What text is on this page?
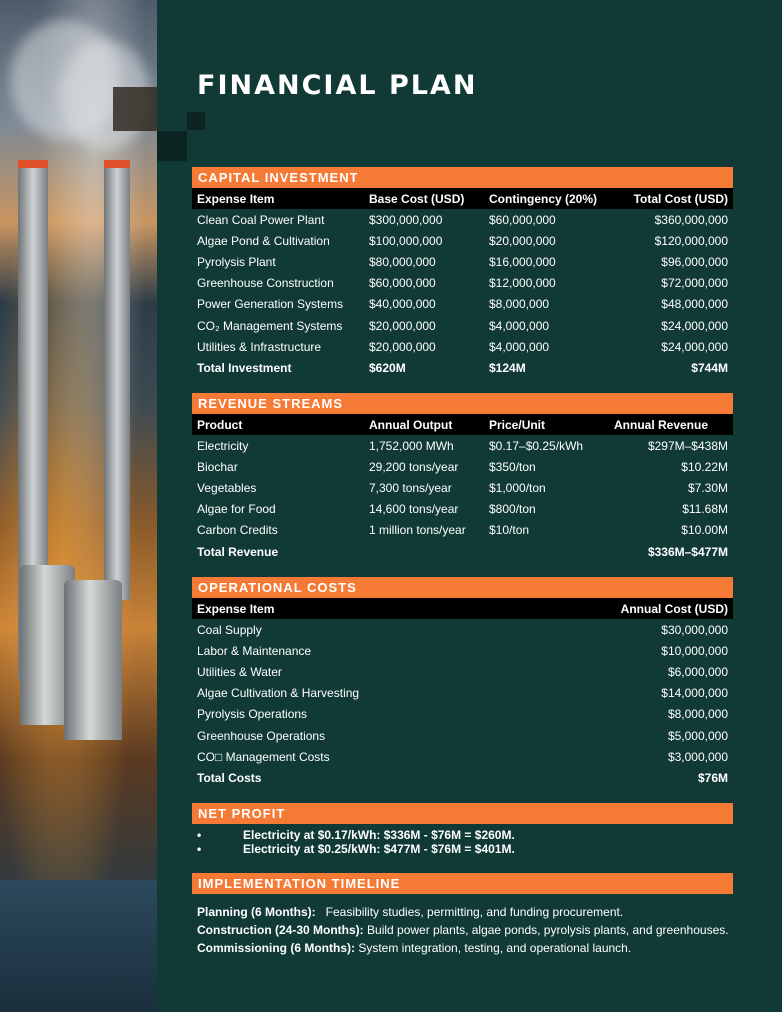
FINANCIAL PLAN
CAPITAL INVESTMENT
Expense Item	Base Cost (USD)	Contingency (20%)	Total Cost (USD)
Clean Coal Power Plant	$300,000,000	$60,000,000	$360,000,000
Algae Pond & Cultivation	$100,000,000	$20,000,000	$120,000,000
Pyrolysis Plant	$80,000,000	$16,000,000	$96,000,000
Greenhouse Construction	$60,000,000	$12,000,000	$72,000,000
Power Generation Systems	$40,000,000	$8,000,000	$48,000,000
CO₂ Management Systems	$20,000,000	$4,000,000	$24,000,000
Utilities & Infrastructure	$20,000,000	$4,000,000	$24,000,000
Total Investment	$620M	$124M	$744M
REVENUE STREAMS
Product	Annual Output	Price/Unit	Annual Revenue
Electricity	1,752,000 MWh	$0.17–$0.25/kWh	$297M–$438M
Biochar	29,200 tons/year	$350/ton	$10.22M
Vegetables	7,300 tons/year	$1,000/ton	$7.30M
Algae for Food	14,600 tons/year	$800/ton	$11.68M
Carbon Credits	1 million tons/year	$10/ton	$10.00M
Total Revenue			$336M–$477M
OPERATIONAL COSTS
Expense Item	Annual Cost (USD)
Coal Supply	$30,000,000
Labor & Maintenance	$10,000,000
Utilities & Water	$6,000,000
Algae Cultivation & Harvesting	$14,000,000
Pyrolysis Operations	$8,000,000
Greenhouse Operations	$5,000,000
CO□ Management Costs	$3,000,000
Total Costs	$76M
NET PROFIT
•	Electricity at $0.17/kWh: $336M - $76M = $260M.
•	Electricity at $0.25/kWh: $477M - $76M = $401M.
IMPLEMENTATION TIMELINE
Planning (6 Months): Feasibility studies, permitting, and funding procurement.
Construction (24-30 Months): Build power plants, algae ponds, pyrolysis plants, and greenhouses.
Commissioning (6 Months): System integration, testing, and operational launch.
